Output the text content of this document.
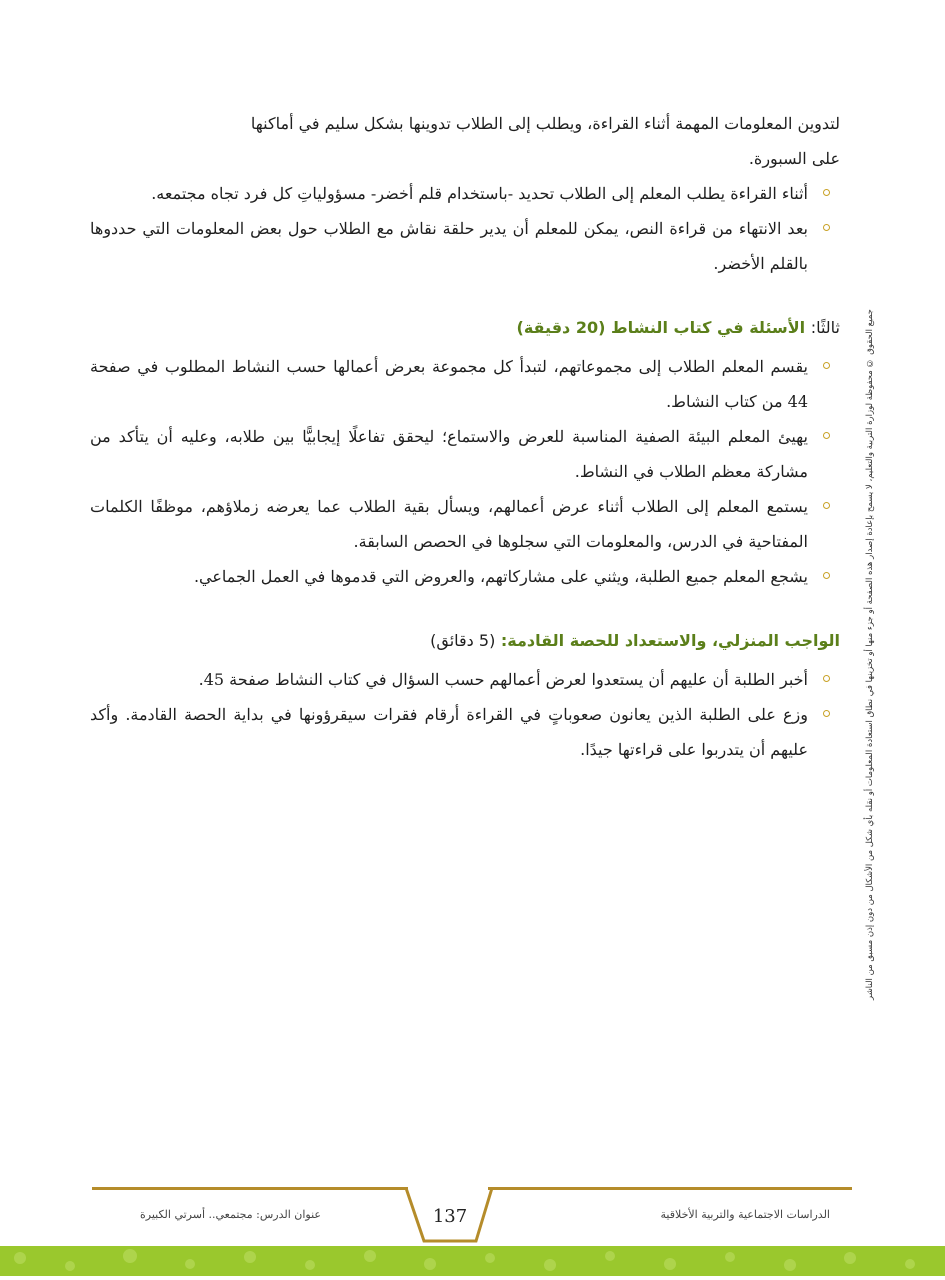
لتدوين المعلومات المهمة أثناء القراءة، ويطلب إلى الطلاب تدوينها بشكل سليم في أماكنها
على السبورة.

أثناء القراءة يطلب المعلم إلى الطلاب تحديد -باستخدام قلم أخضر- مسؤولياتِ كل فرد تجاه مجتمعه.
بعد الانتهاء من قراءة النص، يمكن للمعلم أن يدير حلقة نقاش مع الطلاب حول بعض المعلومات التي حددوها بالقلم الأخضر.

ثالثًا: الأسئلة في كتاب النشاط (20 دقيقة)

يقسم المعلم الطلاب إلى مجموعاتهم، لتبدأ كل مجموعة بعرض أعمالها حسب النشاط المطلوب في صفحة 44 من كتاب النشاط.
يهيئ المعلم البيئة الصفية المناسبة للعرض والاستماع؛ ليحقق تفاعلًا إيجابيًّا بين طلابه، وعليه أن يتأكد من مشاركة معظم الطلاب في النشاط.
يستمع المعلم إلى الطلاب أثناء عرض أعمالهم، ويسأل بقية الطلاب عما يعرضه زملاؤهم، موظفًا الكلمات المفتاحية في الدرس، والمعلومات التي سجلوها في الحصص السابقة.
يشجع المعلم جميع الطلبة، ويثني على مشاركاتهم، والعروض التي قدموها في العمل الجماعي.

الواجب المنزلي، والاستعداد للحصة القادمة: (5 دقائق)

أخبر الطلبة أن عليهم أن يستعدوا لعرض أعمالهم حسب السؤال في كتاب النشاط صفحة 45.
وزع على الطلبة الذين يعانون صعوباتٍ في القراءة أرقام فقرات سيقرؤونها في بداية الحصة القادمة. وأكد عليهم أن يتدربوا على قراءتها جيدًا.	جميع الحقوق © محفوظة لوزارة التربية والتعليم، لا يسمح بإعادة إصدار هذه الصفحة أو جزء منها أو تخزينها في نطاق استعادة المعلومات أو نقله بأي شكل من الأشكال من دون إذن مسبق من الناشر
137	الدراسات الاجتماعية والتربية الأخلاقية
عنوان الدرس: مجتمعي.. أسرتي الكبيرة
